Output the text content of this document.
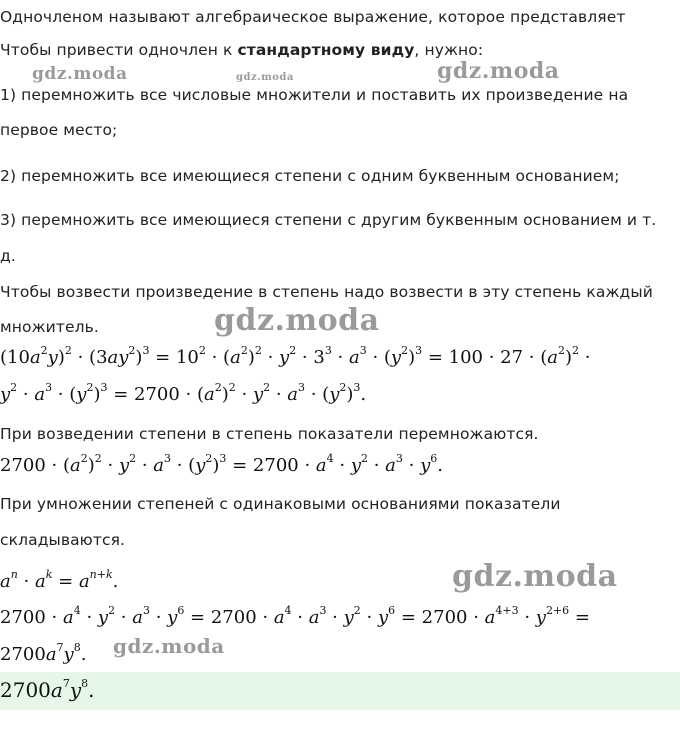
Одночленом называют алгебраическое выражение, которое представляет
Чтобы привести одночлен к стандартному виду, нужно:
1) перемножить все числовые множители и поставить их произведение на
первое место;
2) перемножить все имеющиеся степени с одним буквенным основанием;
3) перемножить все имеющиеся степени с другим буквенным основанием и т.
д.
Чтобы возвести произведение в степень надо возвести в эту степень каждый
множитель.
$(10a^2y)^2 \cdot (3ay^2)^3 = 10^2 \cdot (a^2)^2 \cdot y^2 \cdot 3^3 \cdot a^3 \cdot (y^2)^3 = 100 \cdot 27 \cdot (a^2)^2$ ·
$y^2 \cdot a^3 \cdot (y^2)^3 = 2700 \cdot (a^2)^2 \cdot y^2 \cdot a^3 \cdot (y^2)^3$.
При возведении степени в степень показатели перемножаются.
$2700 \cdot (a^2)^2 \cdot y^2 \cdot a^3 \cdot (y^2)^3 = 2700 \cdot a^4 \cdot y^2 \cdot a^3 \cdot y^6$.
При умножении степеней с одинаковыми основаниями показатели
складываются.
$a^n \cdot a^k = a^{n+k}$.
$2700 \cdot a^4 \cdot y^2 \cdot a^3 \cdot y^6 = 2700 \cdot a^4 \cdot a^3 \cdot y^2 \cdot y^6 = 2700 \cdot a^{4+3} \cdot y^{2+6}$ =
$2700a^7y^8$.
$2700a^7y^8$.
gdz.moda	gdz.moda	gdz.moda
gdz.moda
gdz.moda
gdz.moda
